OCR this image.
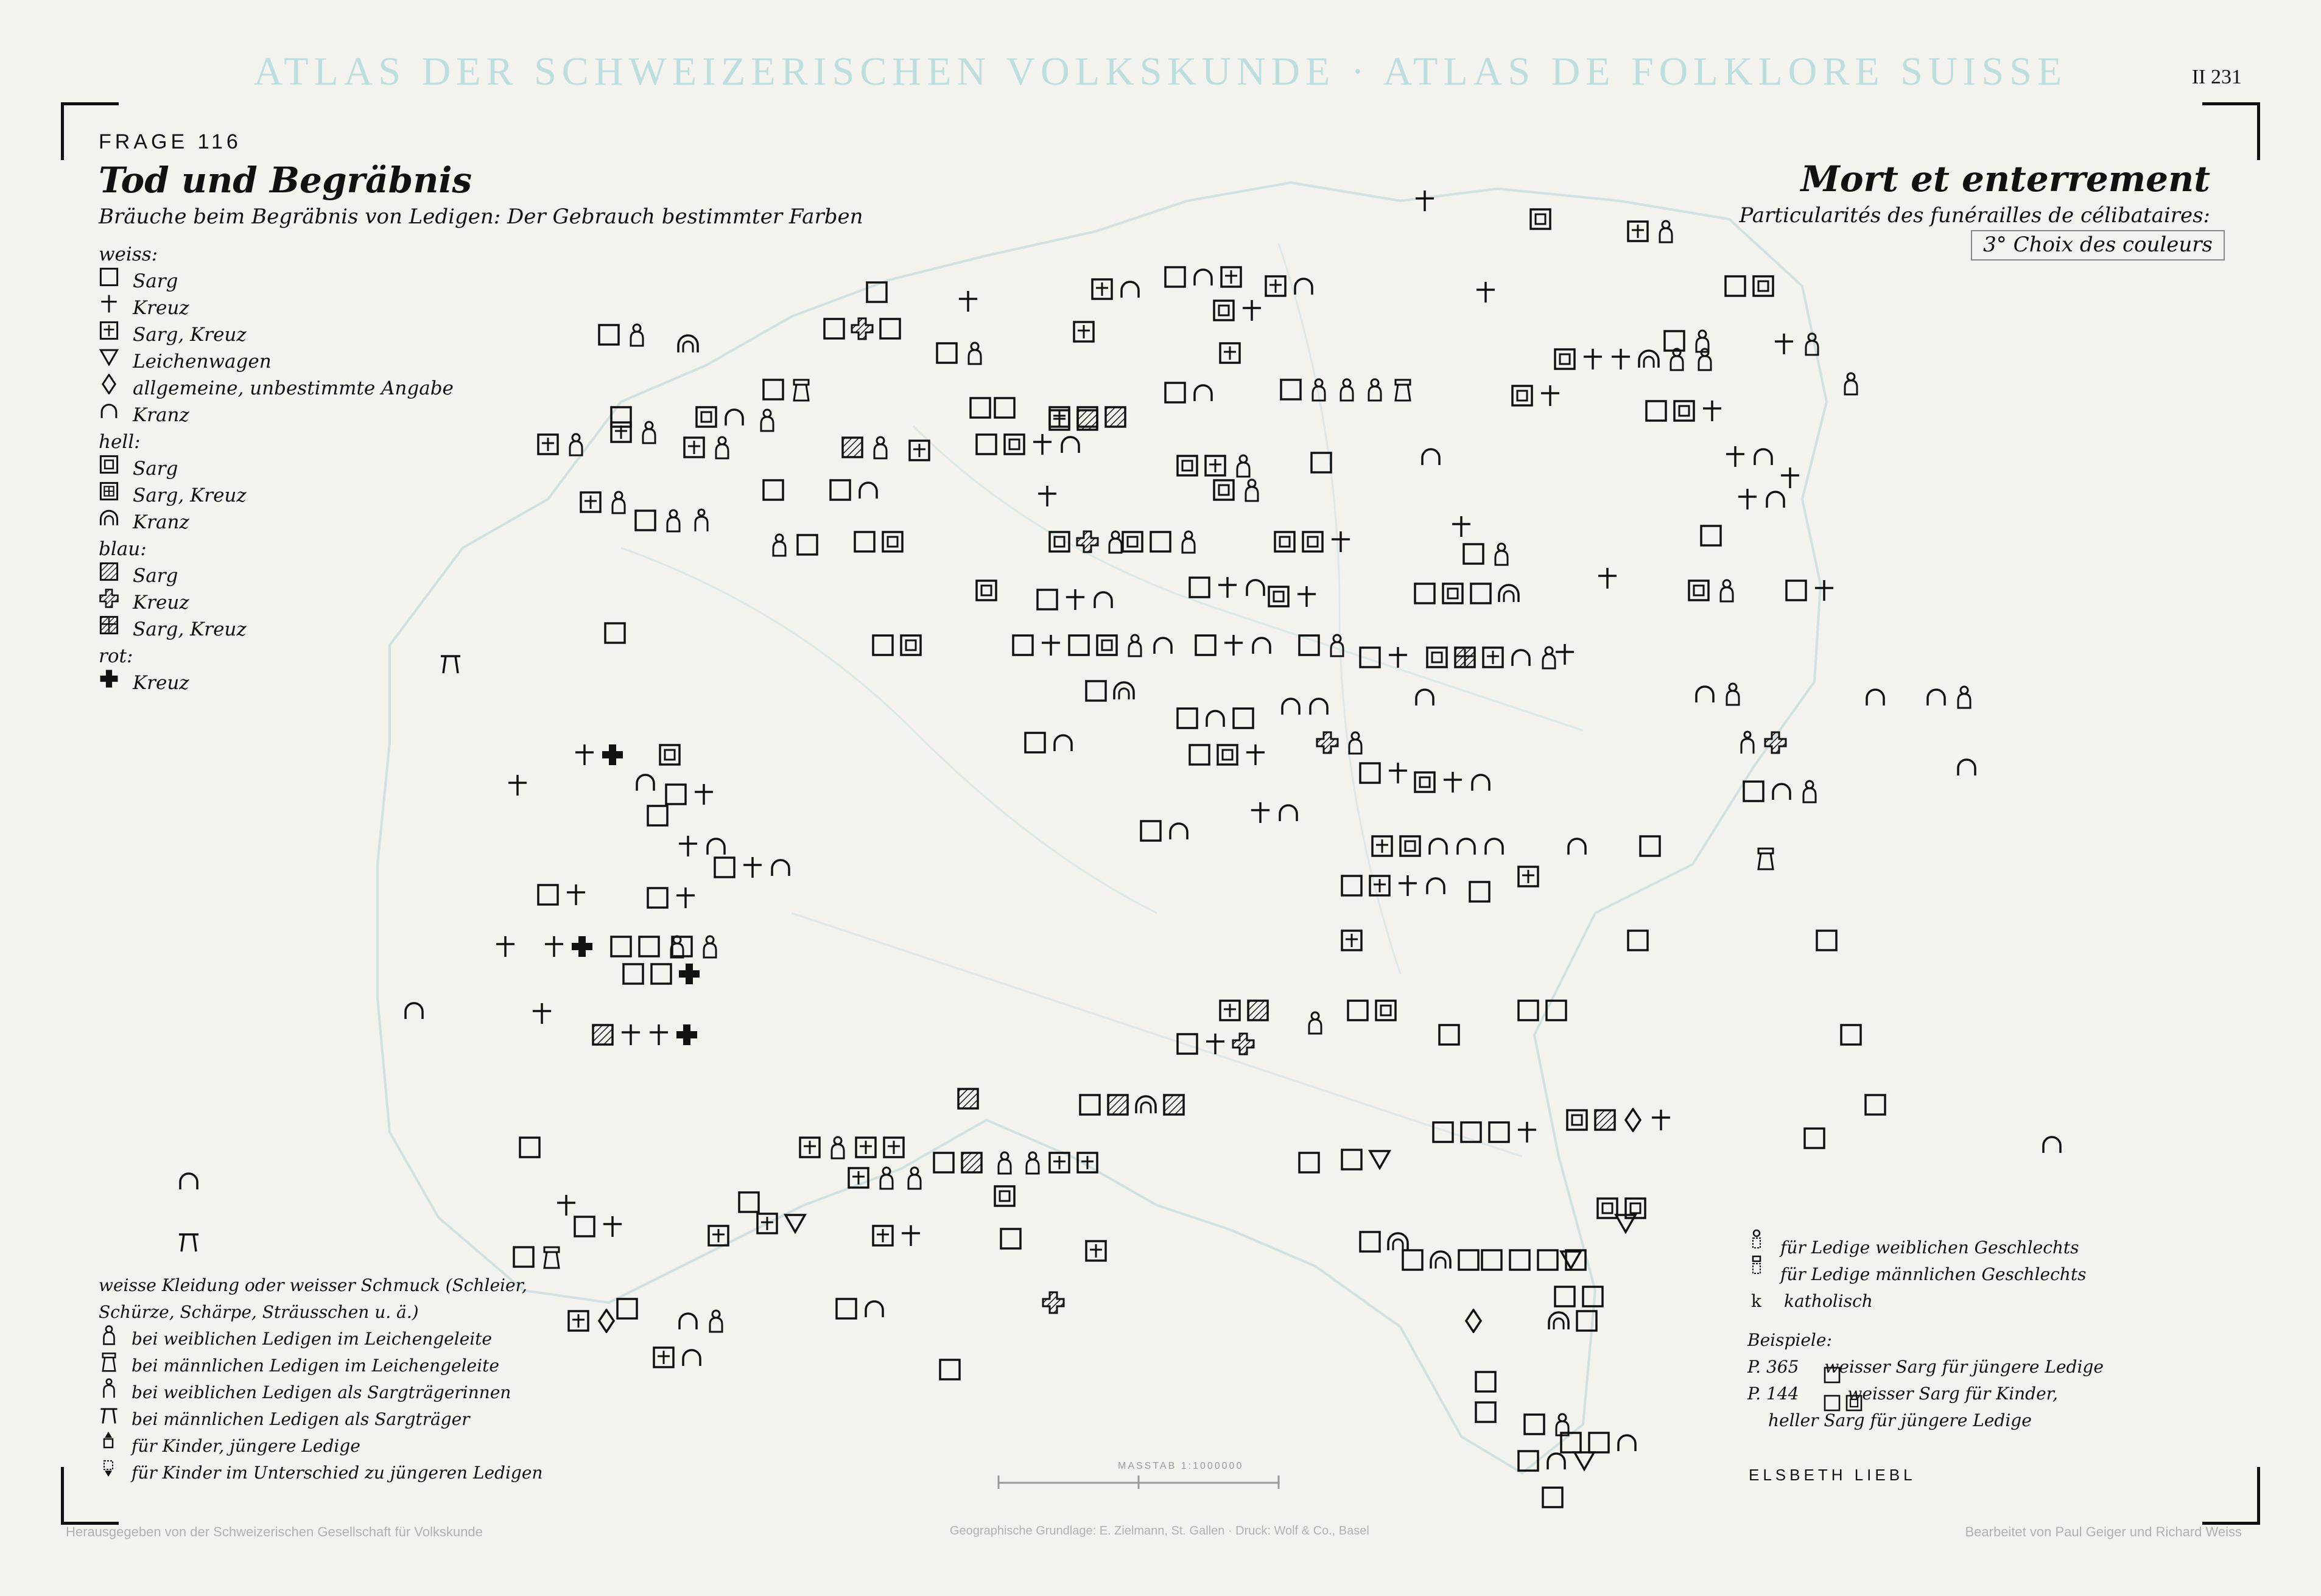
ATLAS DER SCHWEIZERISCHEN VOLKSKUNDE · ATLAS DE FOLKLORE SUISSE	II 231
FRAGE 116
Tod und Begräbnis
Bräuche beim Begräbnis von Ledigen: Der Gebrauch bestimmter Farben
Mort et enterrement
Particularités des funérailles de célibataires:
3° Choix des couleurs
weiss:
Sarg
Kreuz
Sarg, Kreuz
Leichenwagen
allgemeine, unbestimmte Angabe
Kranz
hell:
Sarg
Sarg, Kreuz
Kranz
blau:
Sarg
Kreuz
Sarg, Kreuz
rot:
Kreuz
weisse Kleidung oder weisser Schmuck (Schleier,
Schürze, Schärpe, Sträusschen u. ä.)
bei weiblichen Ledigen im Leichengeleite
bei männlichen Ledigen im Leichengeleite
bei weiblichen Ledigen als Sargträgerinnen
bei männlichen Ledigen als Sargträger
für Kinder, jüngere Ledige
für Kinder im Unterschied zu jüngeren Ledigen
für Ledige weiblichen Geschlechts
für Ledige männlichen Geschlechts
k katholisch
Beispiele:
P. 365 weisser Sarg für jüngere Ledige
P. 144	weisser Sarg für Kinder,
heller Sarg für jüngere Ledige
ELSBETH LIEBL
MASSTAB 1:1000000
Herausgegeben von der Schweizerischen Gesellschaft für Volkskunde	Geographische Grundlage: E. Zielmann, St. Gallen · Druck: Wolf & Co., Basel	Bearbeitet von Paul Geiger und Richard Weiss
